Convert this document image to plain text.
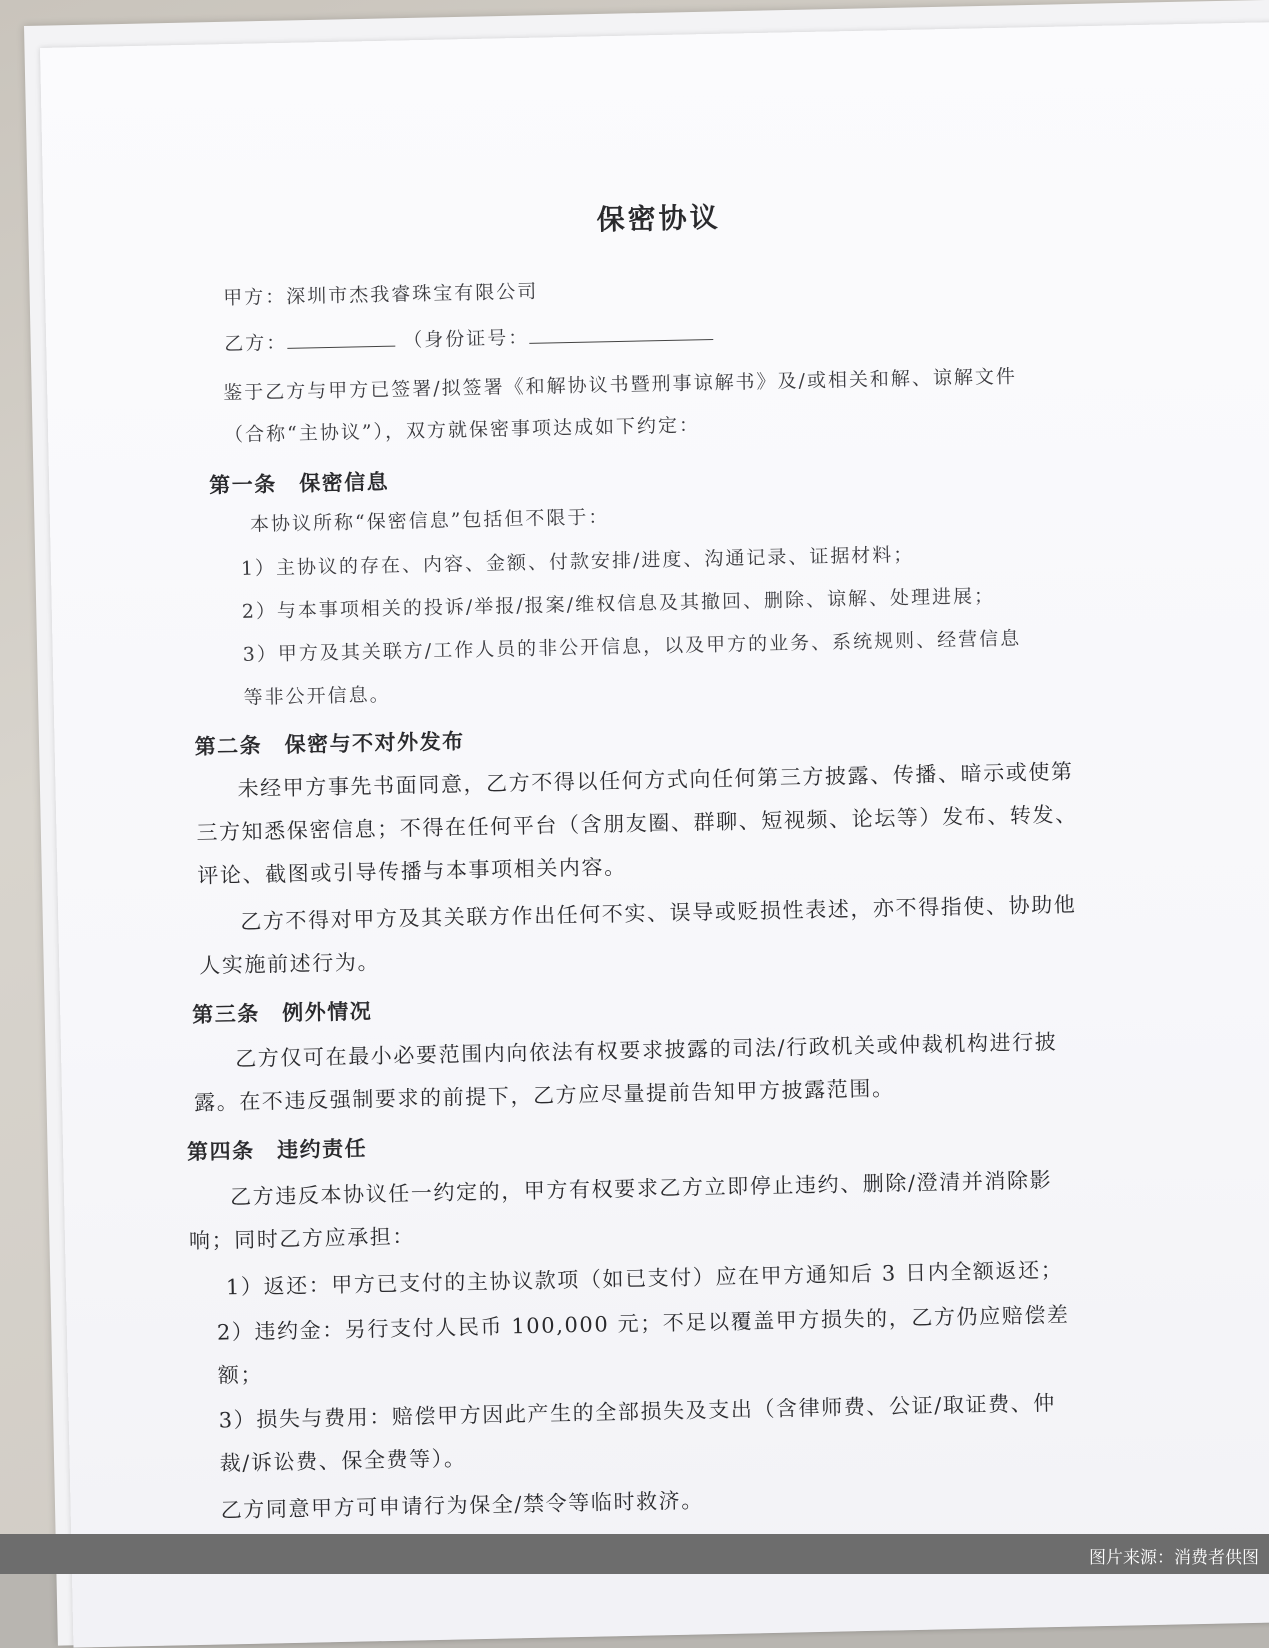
保密协议
甲方：深圳市杰我睿珠宝有限公司
乙方：	（身份证号：
鉴于乙方与甲方已签署/拟签署《和解协议书暨刑事谅解书》及/或相关和解、谅解文件
（合称“主协议”），双方就保密事项达成如下约定：
第一条　保密信息
本协议所称“保密信息”包括但不限于：
1）主协议的存在、内容、金额、付款安排/进度、沟通记录、证据材料；
2）与本事项相关的投诉/举报/报案/维权信息及其撤回、删除、谅解、处理进展；
3）甲方及其关联方/工作人员的非公开信息，以及甲方的业务、系统规则、经营信息
等非公开信息。
第二条　保密与不对外发布
未经甲方事先书面同意，乙方不得以任何方式向任何第三方披露、传播、暗示或使第
三方知悉保密信息；不得在任何平台（含朋友圈、群聊、短视频、论坛等）发布、转发、
评论、截图或引导传播与本事项相关内容。
乙方不得对甲方及其关联方作出任何不实、误导或贬损性表述，亦不得指使、协助他
人实施前述行为。
第三条　例外情况
乙方仅可在最小必要范围内向依法有权要求披露的司法/行政机关或仲裁机构进行披
露。在不违反强制要求的前提下，乙方应尽量提前告知甲方披露范围。
第四条　违约责任
乙方违反本协议任一约定的，甲方有权要求乙方立即停止违约、删除/澄清并消除影
响；同时乙方应承担：
1）返还：甲方已支付的主协议款项（如已支付）应在甲方通知后 3 日内全额返还；
2）违约金：另行支付人民币 100,000 元；不足以覆盖甲方损失的，乙方仍应赔偿差
额；
3）损失与费用：赔偿甲方因此产生的全部损失及支出（含律师费、公证/取证费、仲
裁/诉讼费、保全费等）。
乙方同意甲方可申请行为保全/禁令等临时救济。
图片来源：消费者供图
